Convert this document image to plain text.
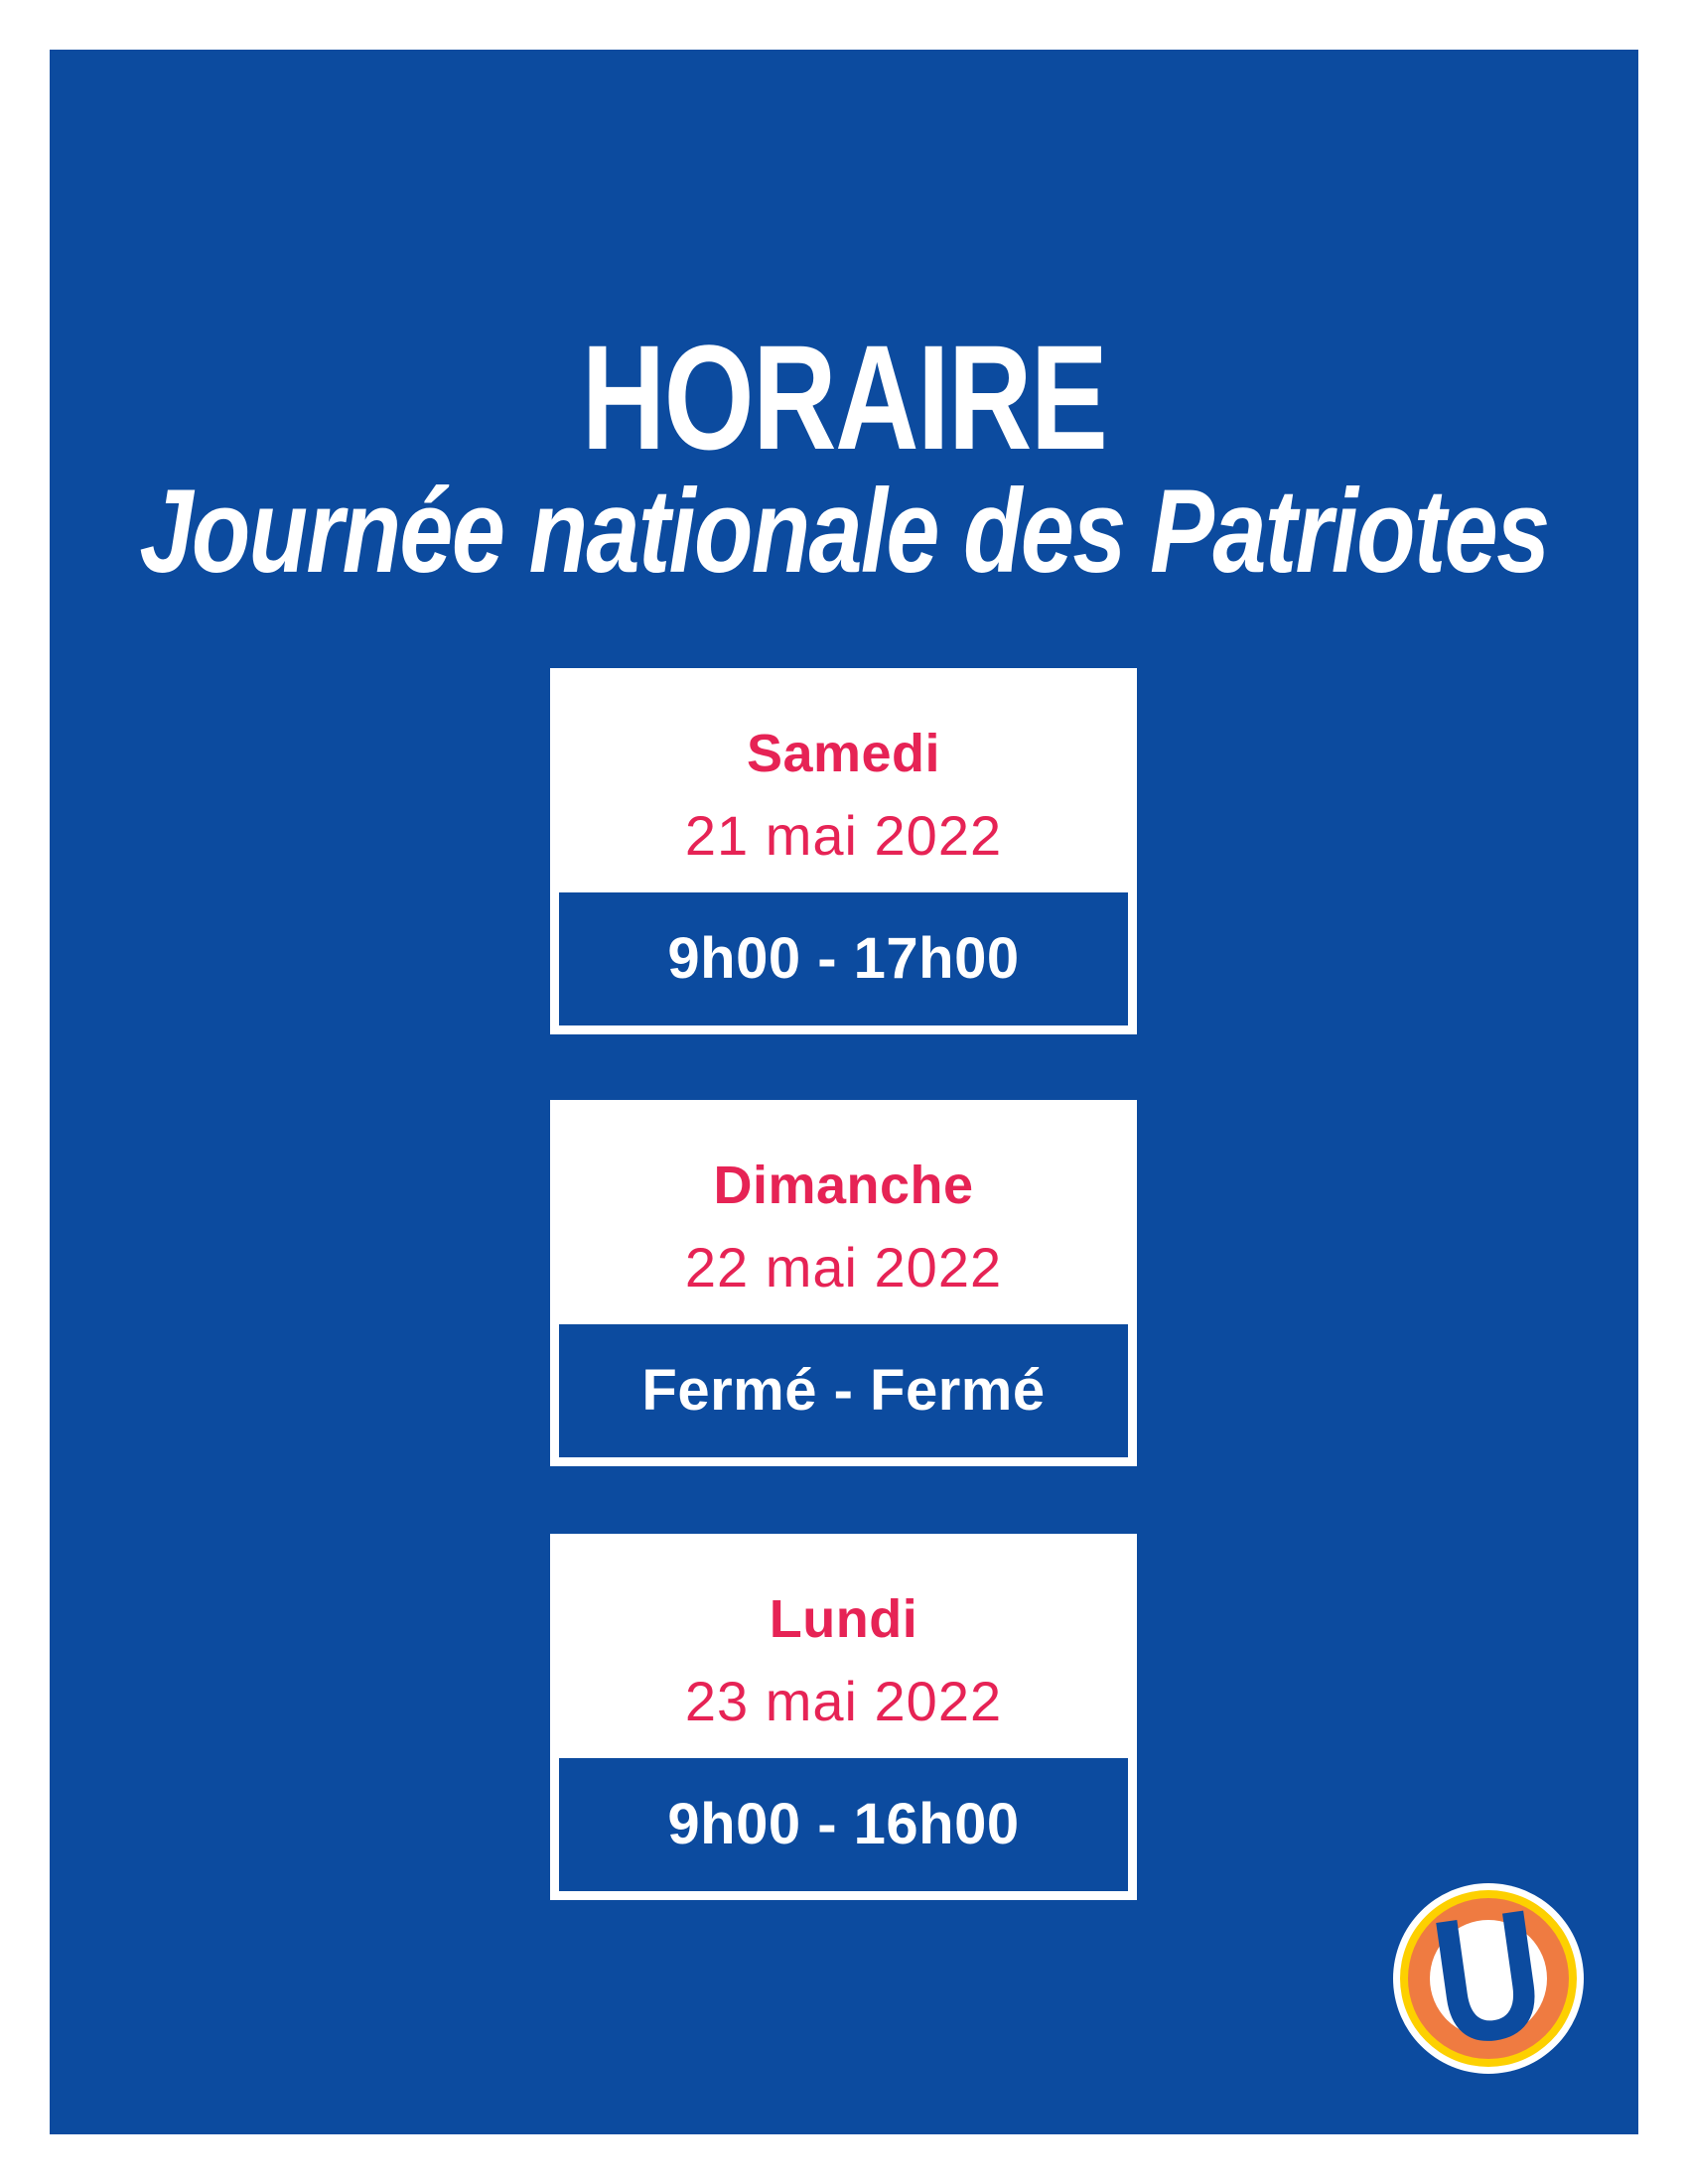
HORAIRE
Journée nationale des Patriotes
Samedi
21 mai 2022
9h00 - 17h00
Dimanche
22 mai 2022
Fermé - Fermé
Lundi
23 mai 2022
9h00 - 16h00
U
